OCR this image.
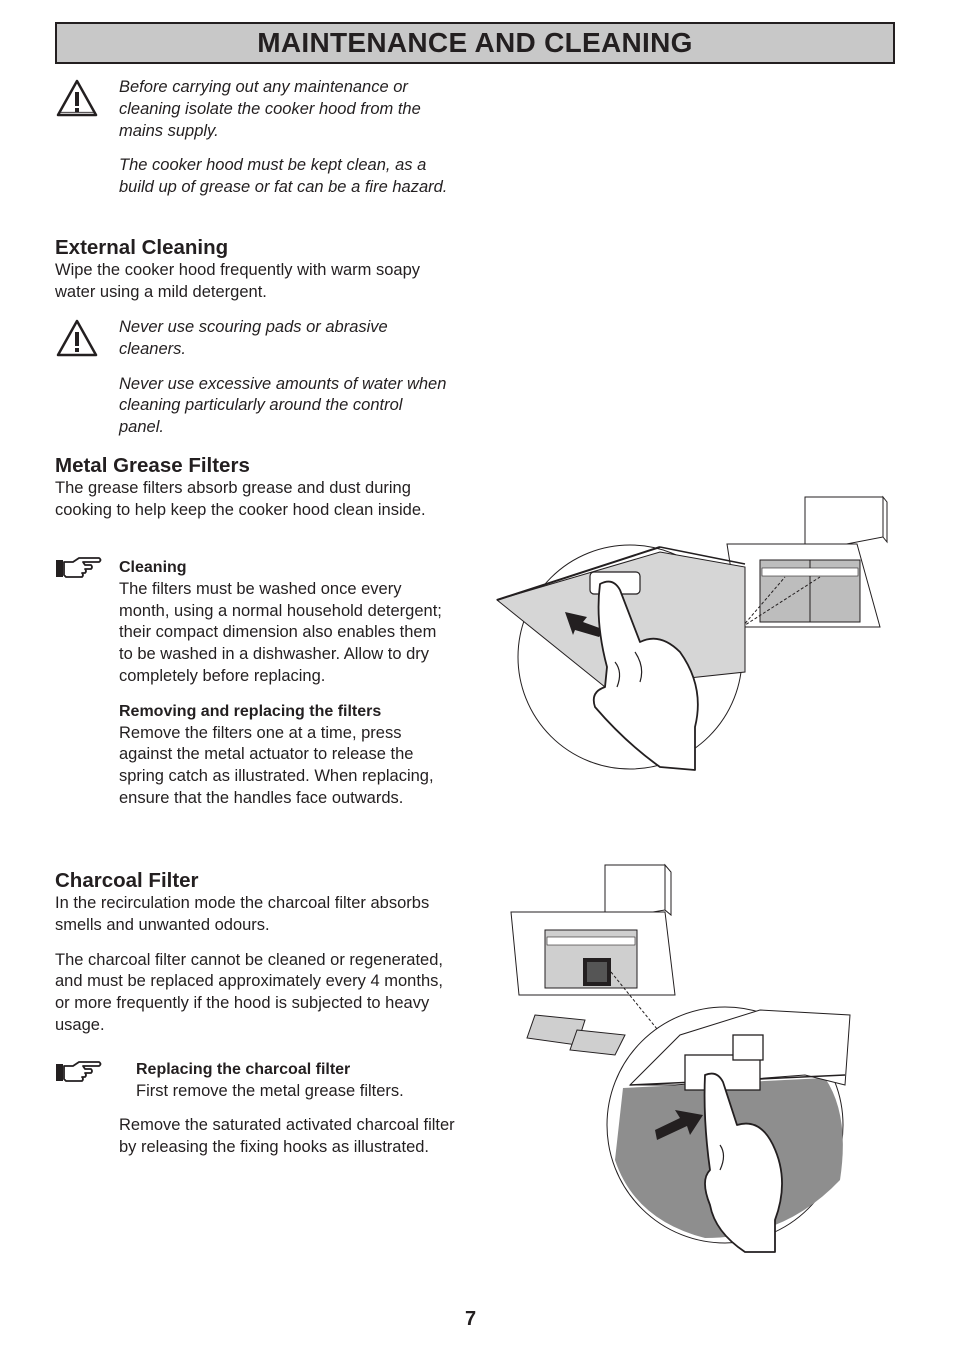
MAINTENANCE AND CLEANING

Before carrying out any maintenance or cleaning isolate the cooker hood from the mains supply.

The cooker hood must be kept clean, as a build up of grease or fat can be a fire hazard.

External Cleaning

Wipe the cooker hood frequently with warm soapy water using a mild detergent.

Never use scouring pads or abrasive cleaners.

Never use excessive amounts of water when cleaning particularly around the control panel.

Metal Grease Filters

The grease filters absorb grease and dust during cooking to help keep the cooker hood clean inside.

Cleaning

The filters must be washed once every month, using a normal household detergent; their compact dimension also enables them to be washed in a dishwasher. Allow to dry completely before replacing.

Removing and replacing the filters

Remove the filters one at a time, press against the metal actuator to release the spring catch as illustrated. When replacing, ensure that the handles face outwards.

Charcoal Filter

In the recirculation mode the charcoal filter absorbs smells and unwanted odours.

The charcoal filter cannot be cleaned or regenerated, and must be replaced approximately every 4 months, or more frequently if the hood is subjected to heavy usage.

Replacing the charcoal filter

First remove the metal grease filters.

Remove the saturated activated charcoal filter by releasing the fixing hooks as illustrated.

7
